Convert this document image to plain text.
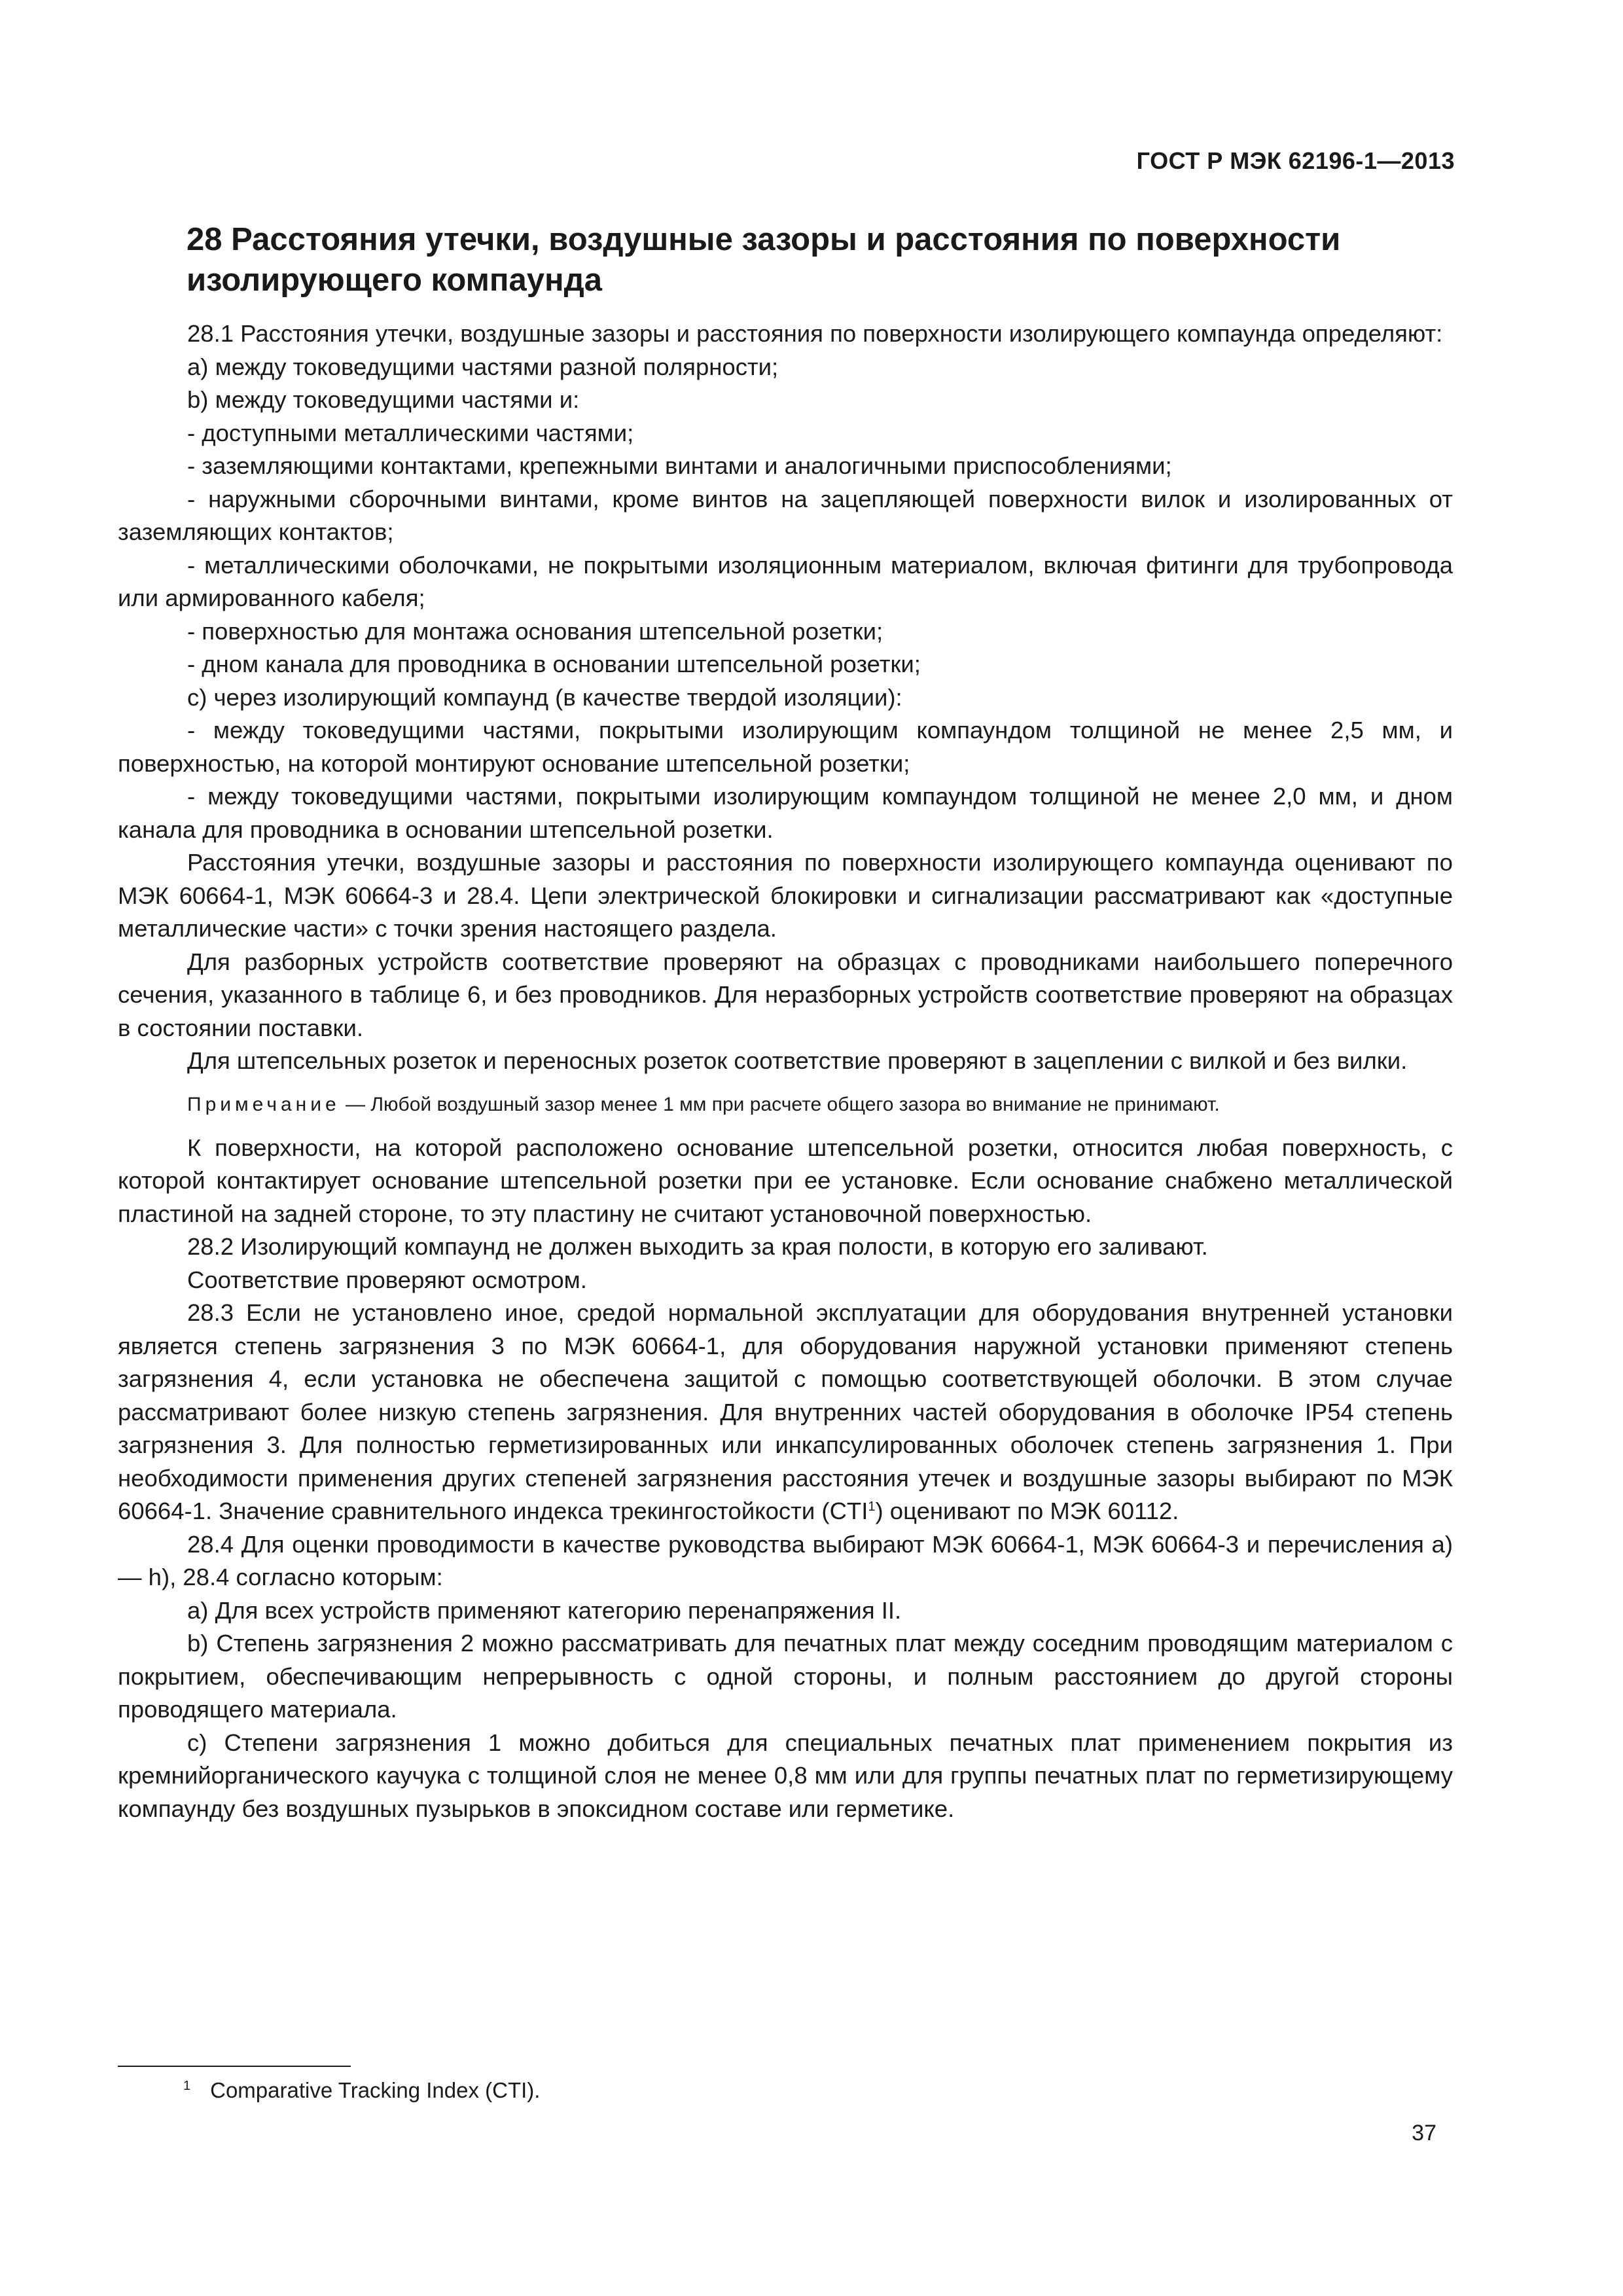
ГОСТ Р МЭК 62196-1—2013
28 Расстояния утечки, воздушные зазоры и расстояния по поверхности изолирующего компаунда

28.1 Расстояния утечки, воздушные зазоры и расстояния по поверхности изолирующего компаунда определяют:

a) между токоведущими частями разной полярности;

b) между токоведущими частями и:

- доступными металлическими частями;

- заземляющими контактами, крепежными винтами и аналогичными приспособлениями;

- наружными сборочными винтами, кроме винтов на зацепляющей поверхности вилок и изолированных от заземляющих контактов;

- металлическими оболочками, не покрытыми изоляционным материалом, включая фитинги для трубопровода или армированного кабеля;

- поверхностью для монтажа основания штепсельной розетки;

- дном канала для проводника в основании штепсельной розетки;

c) через изолирующий компаунд (в качестве твердой изоляции):

- между токоведущими частями, покрытыми изолирующим компаундом толщиной не менее 2,5 мм, и поверхностью, на которой монтируют основание штепсельной розетки;

- между токоведущими частями, покрытыми изолирующим компаундом толщиной не менее 2,0 мм, и дном канала для проводника в основании штепсельной розетки.

Расстояния утечки, воздушные зазоры и расстояния по поверхности изолирующего компаунда оценивают по МЭК 60664-1, МЭК 60664-3 и 28.4. Цепи электрической блокировки и сигнализации рассматривают как «доступные металлические части» с точки зрения настоящего раздела.

Для разборных устройств соответствие проверяют на образцах с проводниками наибольшего поперечного сечения, указанного в таблице 6, и без проводников. Для неразборных устройств соответствие проверяют на образцах в состоянии поставки.

Для штепсельных розеток и переносных розеток соответствие проверяют в зацеплении с вилкой и без вилки.

Примечание — Любой воздушный зазор менее 1 мм при расчете общего зазора во внимание не принимают.

К поверхности, на которой расположено основание штепсельной розетки, относится любая поверхность, с которой контактирует основание штепсельной розетки при ее установке. Если основание снабжено металлической пластиной на задней стороне, то эту пластину не считают установочной поверхностью.

28.2 Изолирующий компаунд не должен выходить за края полости, в которую его заливают.

Соответствие проверяют осмотром.

28.3 Если не установлено иное, средой нормальной эксплуатации для оборудования внутренней установки является степень загрязнения 3 по МЭК 60664-1, для оборудования наружной установки применяют степень загрязнения 4, если установка не обеспечена защитой с помощью соответствующей оболочки. В этом случае рассматривают более низкую степень загрязнения. Для внутренних частей оборудования в оболочке IP54 степень загрязнения 3. Для полностью герметизированных или инкапсулированных оболочек степень загрязнения 1. При необходимости применения других степеней загрязнения расстояния утечек и воздушные зазоры выбирают по МЭК 60664-1. Значение сравнительного индекса трекингостойкости (CTI$^1$) оценивают по МЭК 60112.

28.4 Для оценки проводимости в качестве руководства выбирают МЭК 60664-1, МЭК 60664-3 и перечисления a) — h), 28.4 согласно которым:

a) Для всех устройств применяют категорию перенапряжения II.

b) Степень загрязнения 2 можно рассматривать для печатных плат между соседним проводящим материалом с покрытием, обеспечивающим непрерывность с одной стороны, и полным расстоянием до другой стороны проводящего материала.

c) Степени загрязнения 1 можно добиться для специальных печатных плат применением покрытия из кремнийорганического каучука с толщиной слоя не менее 0,8 мм или для группы печатных плат по герметизирующему компаунду без воздушных пузырьков в эпоксидном составе или герметике.

$^1$ Comparative Tracking Index (CTI).
37
